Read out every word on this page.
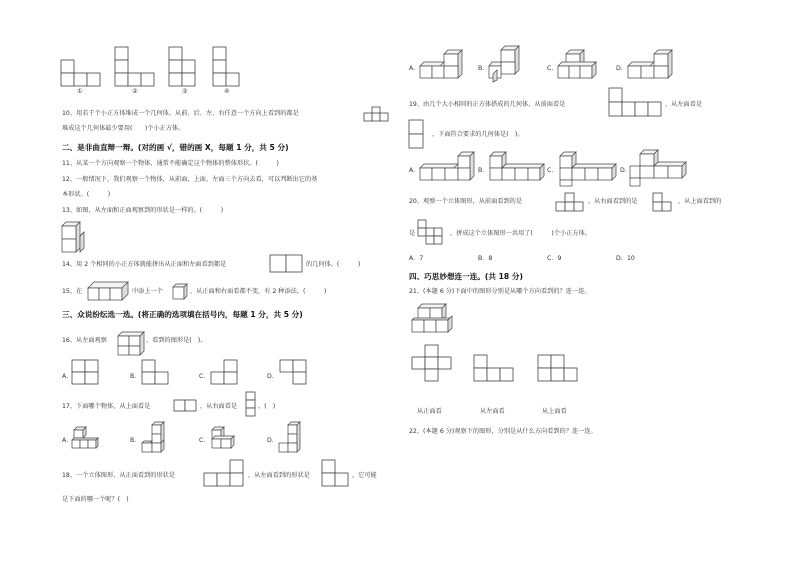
①	②	③	④
10、用若干个小正方体堆成一个几何体，从前、后、左、右任意一个方向上看到的都是
堆成这个几何体最少要用(　　)个小正方体。
二、是非曲直辩一辩。(对的画 √，错的画 X，每题 1 分，共 5 分)
11、从某一个方向观察一个物体，通常不能确定这个物体的整体形状。(　　　)
12、一般情况下，我们观察一个物体，从前面、上面、左面三个方向去看，可以判断出它的基
本形状。(　　　)
13、如图，从左面和正面观察到的形状是一样的。(　　　)
14、用 2 个相同的小正方体就能拼出从正面和左面看到都是	的几何体。(　　　)
15、在	中添上一个	，从正面和右面看都不变，有 2 种添法。(　　　)
三、众说纷纭选一选。(将正确的选项填在括号内，每题 1 分，共 5 分)
16、从左面观察	，看到的图形是(　)。
A.	B.	C.	D.
17、下面哪个物体，从上面看是	，从右面看是	。(　)
A.	B.	C.	D.
18、一个立体图形，从正面看到的形状是	，从左面看到的形状是	，它可能
是下面的哪一个呢？(　)
A.	B.	C.	D.
19、由几个大小相同的正方体搭成的几何体，从前面看是	，从左面看是
，下面符合要求的几何体是(　)。
A.	B.	C.	D.
20、观察一个立体图形，从前面看到的是	，从右面看到的是	，从上面看到的
是	，拼成这个立体图形一共用了(　　　)个小正方体。
A．7	B．8	C．9	D．10
四、巧思妙想连一连。(共 18 分)
21、(本题 6 分)下面中的图形分别是从哪个方向看到的？连一连。
从正面看	从左面看	从上面看
22、(本题 6 分)观察下的图形，分别是从什么方向看到的？连一连。
